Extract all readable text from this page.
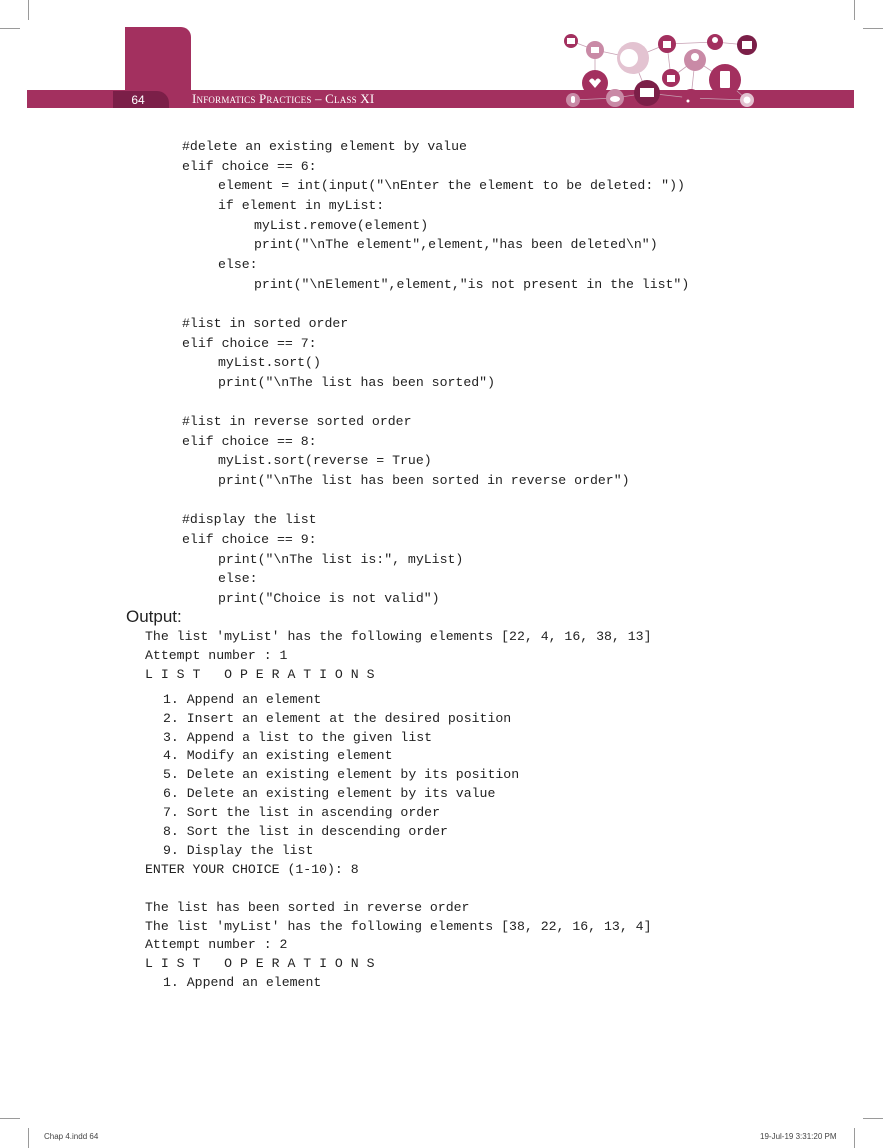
64	Informatics Practices – Class XI
#delete an existing element by value
elif choice == 6:
element = int(input("\nEnter the element to be deleted: "))
if element in myList:
myList.remove(element)
print("\nThe element",element,"has been deleted\n")
else:
print("\nElement",element,"is not present in the list")
#list in sorted order
elif choice == 7:
myList.sort()
print("\nThe list has been sorted")
#list in reverse sorted order
elif choice == 8:
myList.sort(reverse = True)
print("\nThe list has been sorted in reverse order")
#display the list
elif choice == 9:
print("\nThe list is:", myList)
else:
print("Choice is not valid")
Output:
The list 'myList' has the following elements [22, 4, 16, 38, 13]
Attempt number : 1
L I S T   O P E R A T I O N S
1. Append an element
2. Insert an element at the desired position
3. Append a list to the given list
4. Modify an existing element
5. Delete an existing element by its position
6. Delete an existing element by its value
7. Sort the list in ascending order
8. Sort the list in descending order
9. Display the list
ENTER YOUR CHOICE (1-10): 8
The list has been sorted in reverse order
The list 'myList' has the following elements [38, 22, 16, 13, 4]
Attempt number : 2
L I S T   O P E R A T I O N S
1. Append an element
Chap 4.indd 64	19-Jul-19 3:31:20 PM
